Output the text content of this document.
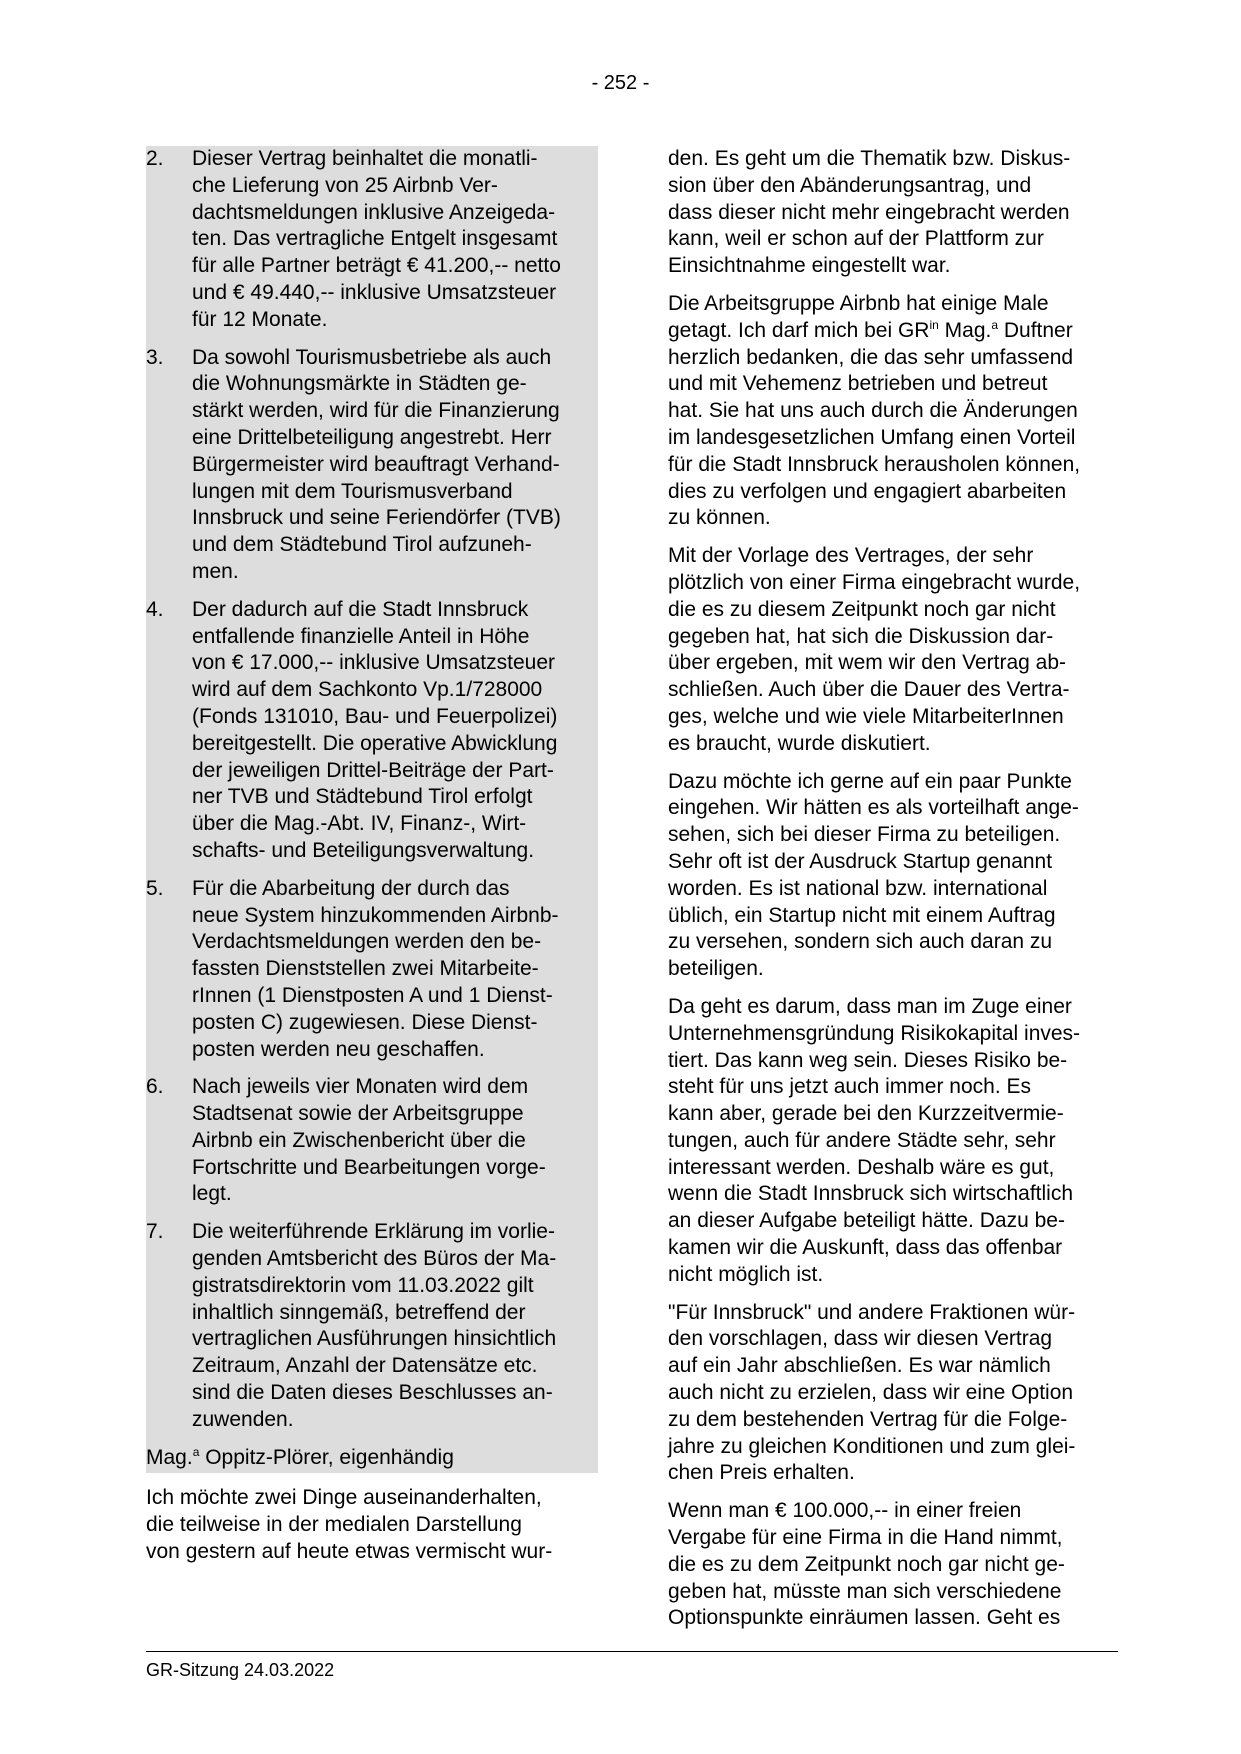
- 252 -
2.	Dieser Vertrag beinhaltet die monatli-
che Lieferung von 25 Airbnb Ver-
dachtsmeldungen inklusive Anzeigeda-
ten. Das vertragliche Entgelt insgesamt
für alle Partner beträgt € 41.200,-- netto
und € 49.440,-- inklusive Umsatzsteuer
für 12 Monate.
3.	Da sowohl Tourismusbetriebe als auch
die Wohnungsmärkte in Städten ge-
stärkt werden, wird für die Finanzierung
eine Drittelbeteiligung angestrebt. Herr
Bürgermeister wird beauftragt Verhand-
lungen mit dem Tourismusverband
Innsbruck und seine Feriendörfer (TVB)
und dem Städtebund Tirol aufzuneh-
men.
4.	Der dadurch auf die Stadt Innsbruck
entfallende finanzielle Anteil in Höhe
von € 17.000,-- inklusive Umsatzsteuer
wird auf dem Sachkonto Vp.1/728000
(Fonds 131010, Bau- und Feuerpolizei)
bereitgestellt. Die operative Abwicklung
der jeweiligen Drittel-Beiträge der Part-
ner TVB und Städtebund Tirol erfolgt
über die Mag.-Abt. IV, Finanz-, Wirt-
schafts- und Beteiligungsverwaltung.
5.	Für die Abarbeitung der durch das
neue System hinzukommenden Airbnb-
Verdachtsmeldungen werden den be-
fassten Dienststellen zwei Mitarbeite-
rInnen (1 Dienstposten A und 1 Dienst-
posten C) zugewiesen. Diese Dienst-
posten werden neu geschaffen.
6.	Nach jeweils vier Monaten wird dem
Stadtsenat sowie der Arbeitsgruppe
Airbnb ein Zwischenbericht über die
Fortschritte und Bearbeitungen vorge-
legt.
7.	Die weiterführende Erklärung im vorlie-
genden Amtsbericht des Büros der Ma-
gistratsdirektorin vom 11.03.2022 gilt
inhaltlich sinngemäß, betreffend der
vertraglichen Ausführungen hinsichtlich
Zeitraum, Anzahl der Datensätze etc.
sind die Daten dieses Beschlusses an-
zuwenden.
Mag.$^a$ Oppitz-Plörer, eigenhändig
Ich möchte zwei Dinge auseinanderhalten,
die teilweise in der medialen Darstellung
von gestern auf heute etwas vermischt wur-
den. Es geht um die Thematik bzw. Diskus-
sion über den Abänderungsantrag, und
dass dieser nicht mehr eingebracht werden
kann, weil er schon auf der Plattform zur
Einsichtnahme eingestellt war.
Die Arbeitsgruppe Airbnb hat einige Male
getagt. Ich darf mich bei $GR^{in}$ Mag.$^a$ Duftner
herzlich bedanken, die das sehr umfassend
und mit Vehemenz betrieben und betreut
hat. Sie hat uns auch durch die Änderungen
im landesgesetzlichen Umfang einen Vorteil
für die Stadt Innsbruck herausholen können,
dies zu verfolgen und engagiert abarbeiten
zu können.
Mit der Vorlage des Vertrages, der sehr
plötzlich von einer Firma eingebracht wurde,
die es zu diesem Zeitpunkt noch gar nicht
gegeben hat, hat sich die Diskussion dar-
über ergeben, mit wem wir den Vertrag ab-
schließen. Auch über die Dauer des Vertra-
ges, welche und wie viele MitarbeiterInnen
es braucht, wurde diskutiert.
Dazu möchte ich gerne auf ein paar Punkte
eingehen. Wir hätten es als vorteilhaft ange-
sehen, sich bei dieser Firma zu beteiligen.
Sehr oft ist der Ausdruck Startup genannt
worden. Es ist national bzw. international
üblich, ein Startup nicht mit einem Auftrag
zu versehen, sondern sich auch daran zu
beteiligen.
Da geht es darum, dass man im Zuge einer
Unternehmensgründung Risikokapital inves-
tiert. Das kann weg sein. Dieses Risiko be-
steht für uns jetzt auch immer noch. Es
kann aber, gerade bei den Kurzzeitvermie-
tungen, auch für andere Städte sehr, sehr
interessant werden. Deshalb wäre es gut,
wenn die Stadt Innsbruck sich wirtschaftlich
an dieser Aufgabe beteiligt hätte. Dazu be-
kamen wir die Auskunft, dass das offenbar
nicht möglich ist.
"Für Innsbruck" und andere Fraktionen wür-
den vorschlagen, dass wir diesen Vertrag
auf ein Jahr abschließen. Es war nämlich
auch nicht zu erzielen, dass wir eine Option
zu dem bestehenden Vertrag für die Folge-
jahre zu gleichen Konditionen und zum glei-
chen Preis erhalten.
Wenn man € 100.000,-- in einer freien
Vergabe für eine Firma in die Hand nimmt,
die es zu dem Zeitpunkt noch gar nicht ge-
geben hat, müsste man sich verschiedene
Optionspunkte einräumen lassen. Geht es
GR-Sitzung 24.03.2022
